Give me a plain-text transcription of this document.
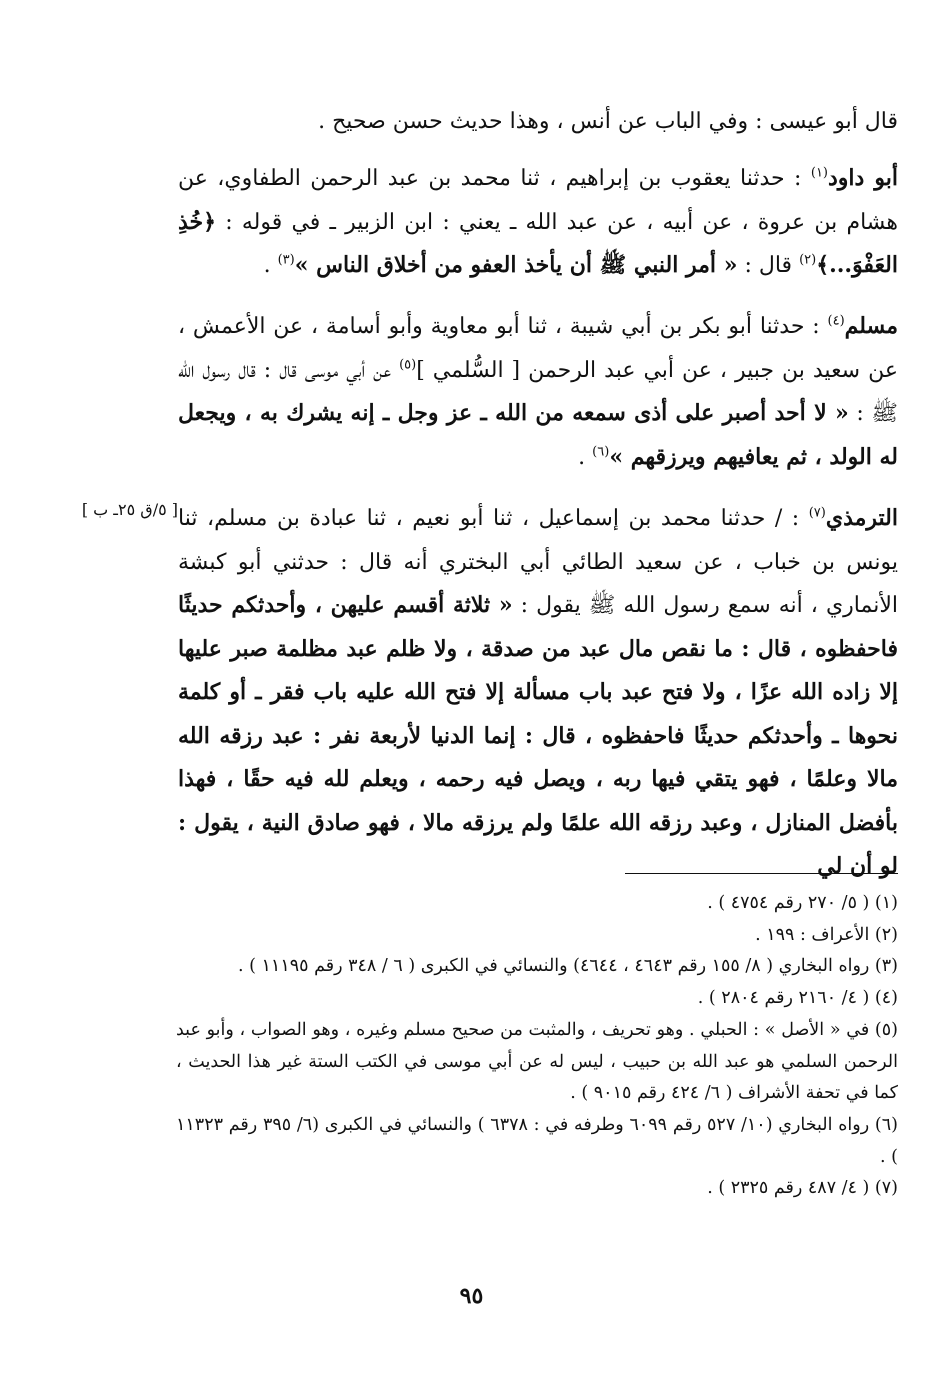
قال أبو عيسى : وفي الباب عن أنس ، وهذا حديث حسن صحيح .

أبو داود$^{(١)}$ : حدثنا يعقوب بن إبراهيم ، ثنا محمد بن عبد الرحمن الطفاوي، عن هشام بن عروة ، عن أبيه ، عن عبد الله ـ يعني : ابن الزبير ـ في قوله : ﴿خُذِ العَفْوَ...﴾$^{(٢)}$ قال : « أمر النبي ﷺ أن يأخذ العفو من أخلاق الناس »$^{(٣)}$ .

مسلم$^{(٤)}$ : حدثنا أبو بكر بن أبي شيبة ، ثنا أبو معاوية وأبو أسامة ، عن الأعمش ، عن سعيد بن جبير ، عن أبي عبد الرحمن [ السُّلمي ]$^{(٥)}$ عن أبي موسى قال : قال رسول الله ﷺ : « لا أحد أصبر على أذى سمعه من الله ـ عز وجل ـ إنه يشرك به ، ويجعل له الولد ، ثم يعافيهم ويرزقهم »$^{(٦)}$ .

الترمذي$^{(٧)}$ : / حدثنا محمد بن إسماعيل ، ثنا أبو نعيم ، ثنا عبادة بن مسلم، ثنا يونس بن خباب ، عن سعيد الطائي أبي البختري أنه قال : حدثني أبو كبشة الأنماري ، أنه سمع رسول الله ﷺ يقول : « ثلاثة أقسم عليهن ، وأحدثكم حديثًا فاحفظوه ، قال : ما نقص مال عبد من صدقة ، ولا ظلم عبد مظلمة صبر عليها إلا زاده الله عزًا ، ولا فتح عبد باب مسألة إلا فتح الله عليه باب فقر ـ أو كلمة نحوها ـ وأحدثكم حديثًا فاحفظوه ، قال : إنما الدنيا لأربعة نفر : عبد رزقه الله مالا وعلمًا ، فهو يتقي فيها ربه ، ويصل فيه رحمه ، ويعلم لله فيه حقًا ، فهذا بأفضل المنازل ، وعبد رزقه الله علمًا ولم يرزقه مالا ، فهو صادق النية ، يقول : لو أن لي

[ ٥/ق ٢٥ـ ب ]
(١) ( ٥/ ٢٧٠ رقم ٤٧٥٤ ) .
(٢) الأعراف : ١٩٩ .
(٣) رواه البخاري ( ٨/ ١٥٥ رقم ٤٦٤٣ ، ٤٦٤٤) والنسائي في الكبرى ( ٦ / ٣٤٨ رقم ١١١٩٥ ) .
(٤) ( ٤/ ٢١٦٠ رقم ٢٨٠٤ ) .
(٥) في « الأصل » : الحبلي . وهو تحريف ، والمثبت من صحيح مسلم وغيره ، وهو الصواب ، وأبو عبد الرحمن السلمي هو عبد الله بن حبيب ، ليس له عن أبي موسى في الكتب الستة غير هذا الحديث ، كما في تحفة الأشراف ( ٦/ ٤٢٤ رقم ٩٠١٥ ) .
(٦) رواه البخاري (١٠/ ٥٢٧ رقم ٦٠٩٩ وطرفه في : ٦٣٧٨ ) والنسائي في الكبرى (٦/ ٣٩٥ رقم ١١٣٢٣ ) .
(٧) ( ٤/ ٤٨٧ رقم ٢٣٢٥ ) .
٩٥
